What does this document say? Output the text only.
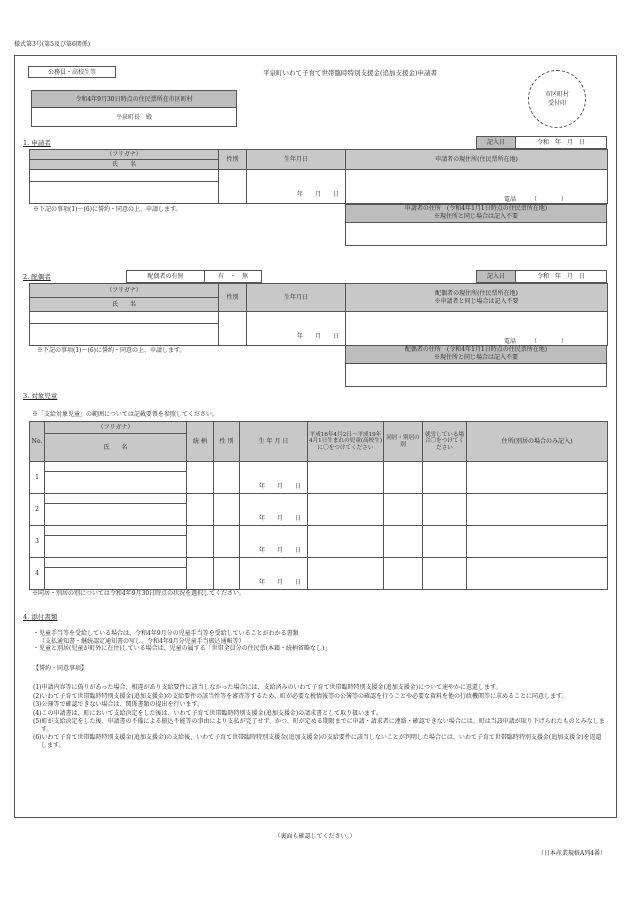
様式第3号(第5及び第6関係)
公務員・高校生等	平泉町いわて子育て世帯臨時特別支援金(追加支援金)申請書
令和4年9月30日時点の住民票所在市区町村
平泉町長　殿
市区町村
受付印
1. 申請者	記入日	令和　年　月　日
（フリガナ）	性別	生年月日	申請者の現住所(住民票所在地)
氏　　名			
		年　　月　　日	電話　　　（　　　　）

※下記の事項(1)～(6)に誓約・同意の上、申請します。	申請者の住所　(令和4年1月1日時点の住民票所在地)
※現住所と同じ場合は記入不要
2. 配偶者	配偶者の有無	有　・　無	記入日	令和　年　月　日
（フリガナ）	性別	生年月日	配偶者の現住所(住民票所在地)
※申請者と同じ場合は記入不要

氏　　名			
		年　　月　　日	電話　　　（　　　　）

※下記の事項(1)～(6)に誓約・同意の上、申請します。	配偶者の住所　(令和4年1月1日時点の住民票所在地)
※現住所と同じ場合は記入不要
3. 対象児童
※「支給対象児童」の範囲については記載要領を参照してください。
No.	（フリガナ）	続 柄	性 別	生 年 月 日	平成16年4月2日～平成19年4月1日生まれの児童(高校生)に〇をつけてください	同居・別居の別	就労している場合〇をつけてください	住所(別居の場合のみ記入)
	氏　　名							
1				年　　月　　日				

2				年　　月　　日				

3				年　　月　　日				

4				年　　月　　日				

※同居・別居の別については令和4年9月30日時点の状況を選択してください。
4. 添付書類
・児童手当等を受給している場合は、令和4年9月分の児童手当等を受給していることがわかる書類
（支払通知書・継続認定通知書の写し、令和4年9月分児童手当振込通帳等）
・児童と別居(児童が町外に在住)している場合は、児童の属する「世帯全員分の住民票(本籍・続柄省略なし)」
【誓約・同意事項】
(1)申請内容等に偽りがあった場合、相違があり支給要件に該当しなかった場合には、支給済みのいわて子育て世帯臨時特別支援金(追加支援金)について速やかに返還します。
(2)いわて子育て世帯臨時特別支援金(追加支援金)の支給要件の該当性等を審査等するため、町が必要な税情報等の公簿等の確認を行うことや必要な資料を他の行政機関等に求めることに同意します。
(3)公簿等で確認できない場合は、関係書類の提出を行います。
(4)この申請書は、町において支給決定をした後は、いわて子育て世帯臨時特別支援金(追加支援金)の請求書として取り扱います。
(5)町が支給決定をした後、申請書の不備による振込不能等の事由により支払が完了せず、かつ、町が定める期限までに申請・請求者に連絡・確認できない場合には、町は当該申請が取り下げられたものとみなします。
(6)いわて子育て世帯臨時特別支援金(追加支援金)の支給後、いわて子育て世帯臨時特別支援金(追加支援金)の支給要件に該当しないことが判明した場合には、いわて子育て世帯臨時特別支援金(追加支援金)を返還します。
（裏面も確認してください。）
（日本産業規格A列4番）
